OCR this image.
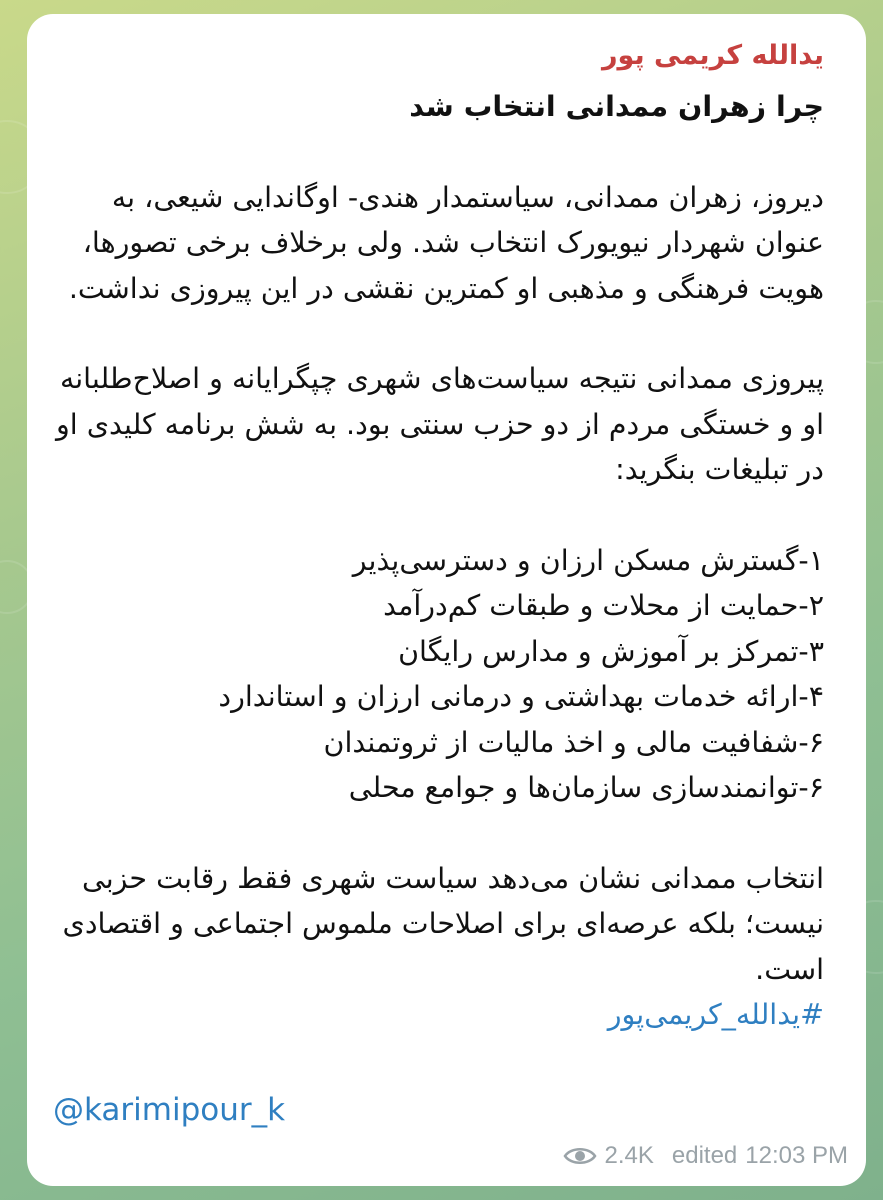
یدالله کریمی پور
چرا زهران ممدانی انتخاب شد

دیروز، زهران ممدانی، سیاستمدار هندی- اوگاندایی شیعی، به عنوان شهردار نیویورک انتخاب شد. ولی برخلاف برخی تصورها، هویت فرهنگی و مذهبی او کمترین نقشی در این پیروزی نداشت.

پیروزی ممدانی نتیجه سیاست‌های شهری چپگرایانه و اصلاح‌طلبانه او و خستگی مردم از دو حزب سنتی بود. به شش برنامه کلیدی او در تبلیغات بنگرید:

۱-گسترش مسکن ارزان و دسترسی‌پذیر
۲-حمایت از محلات و طبقات کم‌درآمد
۳-تمرکز بر آموزش و مدارس رایگان
۴-ارائه خدمات بهداشتی و درمانی ارزان و استاندارد
۶-شفافیت مالی و اخذ مالیات از ثروتمندان
۶-توانمندسازی سازمان‌ها و جوامع محلی

انتخاب ممدانی نشان می‌دهد سیاست شهری فقط رقابت حزبی نیست؛ بلکه عرصه‌ای برای اصلاحات ملموس اجتماعی و اقتصادی است.

#یدالله_کریمی‌پور
@karimipour_k
2.4K edited 12:03 PM
